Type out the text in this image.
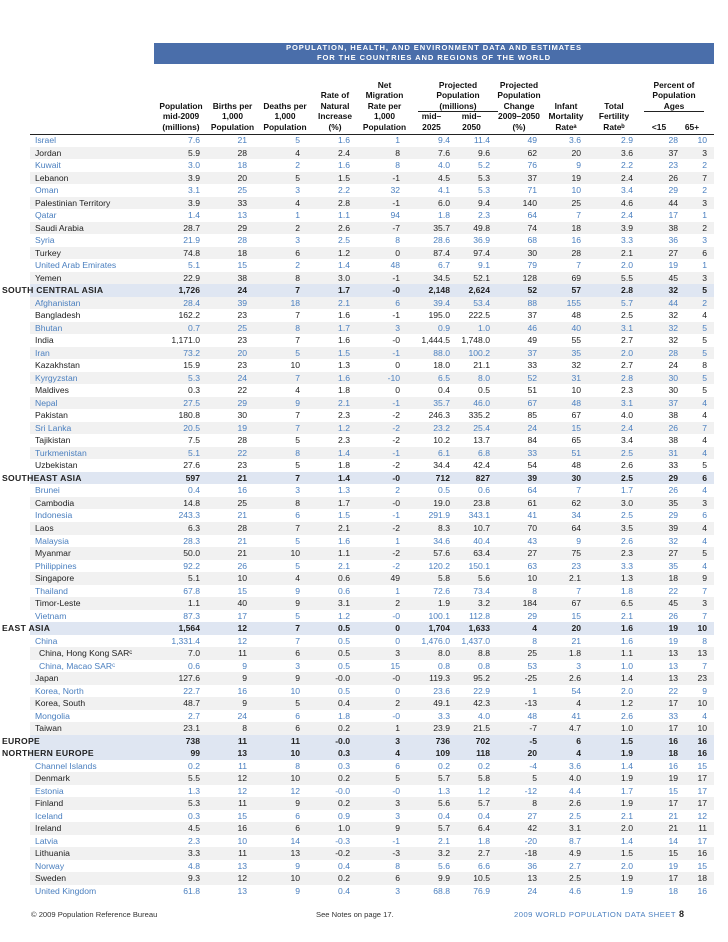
POPULATION, HEALTH, AND ENVIRONMENT DATA AND ESTIMATES
FOR THE COUNTRIES AND REGIONS OF THE WORLD
Population mid-2009 (millions)
Births per 1,000 Population
Deaths per 1,000 Population
Rate of Natural Increase (%)
Net Migration Rate per 1,000 Population
Projected Population (millions)
mid– 2025
mid– 2050
Projected Population Change 2009–2050 (%)
Infant Mortality Rateᵃ
Total Fertility Rateᵇ
Percent of Population Ages
<15	65+
Israel	7.6	21	5	1.6	1	9.4	11.4	49	3.6	2.9	28 10
Jordan	5.9	28	4	2.4	8	7.6	9.6	62	20	3.6	37	3
Kuwait	3.0	18	2	1.6	8	4.0	5.2	76	9	2.2	23	2
Lebanon	3.9	20	5	1.5	-1	4.5	5.3	37	19	2.4	26	7
Oman	3.1	25	3	2.2	32	4.1	5.3	71	10	3.4	29	2
Palestinian Territory	3.9	33	4	2.8	-1	6.0	9.4	140	25	4.6	44	3
Qatar	1.4	13	1	1.1	94	1.8	2.3	64	7	2.4	17	1
Saudi Arabia	28.7	29	2	2.6	-7	35.7	49.8	74	18	3.9	38	2
Syria	21.9	28	3	2.5	8	28.6	36.9	68	16	3.3	36	3
Turkey	74.8	18	6	1.2	0	87.4	97.4	30	28	2.1	27	6
United Arab Emirates	5.1	15	2	1.4	48	6.7	9.1	79	7	2.0	19	1
Yemen	22.9	38	8	3.0	-1	34.5	52.1	128	69	5.5	45	3
SOUTH CENTRAL ASIA	1,726	24	7	1.7	-0	2,148 2,624	52	57	2.8	32	5
Afghanistan	28.4	39	18	2.1	6	39.4	53.4	88	155	5.7	44	2
Bangladesh	162.2	23	7	1.6	-1	195.0 222.5	37	48	2.5	32	4
Bhutan	0.7	25	8	1.7	3	0.9	1.0	46	40	3.1	32	5
India	1,171.0	23	7	1.6	-0 1,444.5 1,748.0	49	55	2.7	32	5
Iran	73.2	20	5	1.5	-1	88.0 100.2	37	35	2.0	28	5
Kazakhstan	15.9	23	10	1.3	0	18.0	21.1	33	32	2.7	24	8
Kyrgyzstan	5.3	24	7	1.6	-10	6.5	8.0	52	31	2.8	30	5
Maldives	0.3	22	4	1.8	0	0.4	0.5	51	10	2.3	30	5
Nepal	27.5	29	9	2.1	-1	35.7	46.0	67	48	3.1	37	4
Pakistan	180.8	30	7	2.3	-2	246.3 335.2	85	67	4.0	38	4
Sri Lanka	20.5	19	7	1.2	-2	23.2	25.4	24	15	2.4	26	7
Tajikistan	7.5	28	5	2.3	-2	10.2	13.7	84	65	3.4	38	4
Turkmenistan	5.1	22	8	1.4	-1	6.1	6.8	33	51	2.5	31	4
Uzbekistan	27.6	23	5	1.8	-2	34.4	42.4	54	48	2.6	33	5
SOUTHEAST ASIA	597	21	7	1.4	-0	712	827	39	30	2.5	29	6
Brunei	0.4	16	3	1.3	2	0.5	0.6	64	7	1.7	26	4
Cambodia	14.8	25	8	1.7	-0	19.0	23.8	61	62	3.0	35	3
Indonesia	243.3	21	6	1.5	-1	291.9 343.1	41	34	2.5	29	6
Laos	6.3	28	7	2.1	-2	8.3	10.7	70	64	3.5	39	4
Malaysia	28.3	21	5	1.6	1	34.6	40.4	43	9	2.6	32	4
Myanmar	50.0	21	10	1.1	-2	57.6	63.4	27	75	2.3	27	5
Philippines	92.2	26	5	2.1	-2	120.2 150.1	63	23	3.3	35	4
Singapore	5.1	10	4	0.6	49	5.8	5.6	10	2.1	1.3	18	9
Thailand	67.8	15	9	0.6	1	72.6	73.4	8	7	1.8	22	7
Timor-Leste	1.1	40	9	3.1	2	1.9	3.2	184	67	6.5	45	3
Vietnam	87.3	17	5	1.2	-0	100.1 112.8	29	15	2.1	26	7
EAST ASIA	1,564	12	7	0.5	0	1,704 1,633	4	20	1.6	19 10
China	1,331.4	12	7	0.5	0 1,476.0 1,437.0	8	21	1.6	19	8
China, Hong Kong SARᶜ	7.0	11	6	0.5	3	8.0	8.8	25	1.8	1.1	13 13
China, Macao SARᶜ	0.6	9	3	0.5	15	0.8	0.8	53	3	1.0	13	7
Japan	127.6	9	9	-0.0	-0	119.3	95.2	-25	2.6	1.4	13 23
Korea, North	22.7	16	10	0.5	0	23.6	22.9	1	54	2.0	22	9
Korea, South	48.7	9	5	0.4	2	49.1	42.3	-13	4	1.2	17 10
Mongolia	2.7	24	6	1.8	-0	3.3	4.0	48	41	2.6	33	4
Taiwan	23.1	8	6	0.2	1	23.9	21.5	-7	4.7	1.0	17 10
EUROPE	738	11	11	-0.0	3	736	702	-5	6	1.5	16 16
NORTHERN EUROPE	99	13	10	0.3	4	109	118	20	4	1.9	18 16
Channel Islands	0.2	11	8	0.3	6	0.2	0.2	-4	3.6	1.4	16 15
Denmark	5.5	12	10	0.2	5	5.7	5.8	5	4.0	1.9	19 17
Estonia	1.3	12	12	-0.0	-0	1.3	1.2	-12	4.4	1.7	15 17
Finland	5.3	11	9	0.2	3	5.6	5.7	8	2.6	1.9	17 17
Iceland	0.3	15	6	0.9	3	0.4	0.4	27	2.5	2.1	21 12
Ireland	4.5	16	6	1.0	9	5.7	6.4	42	3.1	2.0	21 11
Latvia	2.3	10	14	-0.3	-1	2.1	1.8	-20	8.7	1.4	14 17
Lithuania	3.3	11	13	-0.2	-3	3.2	2.7	-18	4.9	1.5	15 16
Norway	4.8	13	9	0.4	8	5.6	6.6	36	2.7	2.0	19 15
Sweden	9.3	12	10	0.2	6	9.9	10.5	13	2.5	1.9	17 18
United Kingdom	61.8	13	9	0.4	3	68.8	76.9	24	4.6	1.9	18 16
© 2009 Population Reference Bureau	See Notes on page 17.	2009 WORLD POPULATION DATA SHEET 8
